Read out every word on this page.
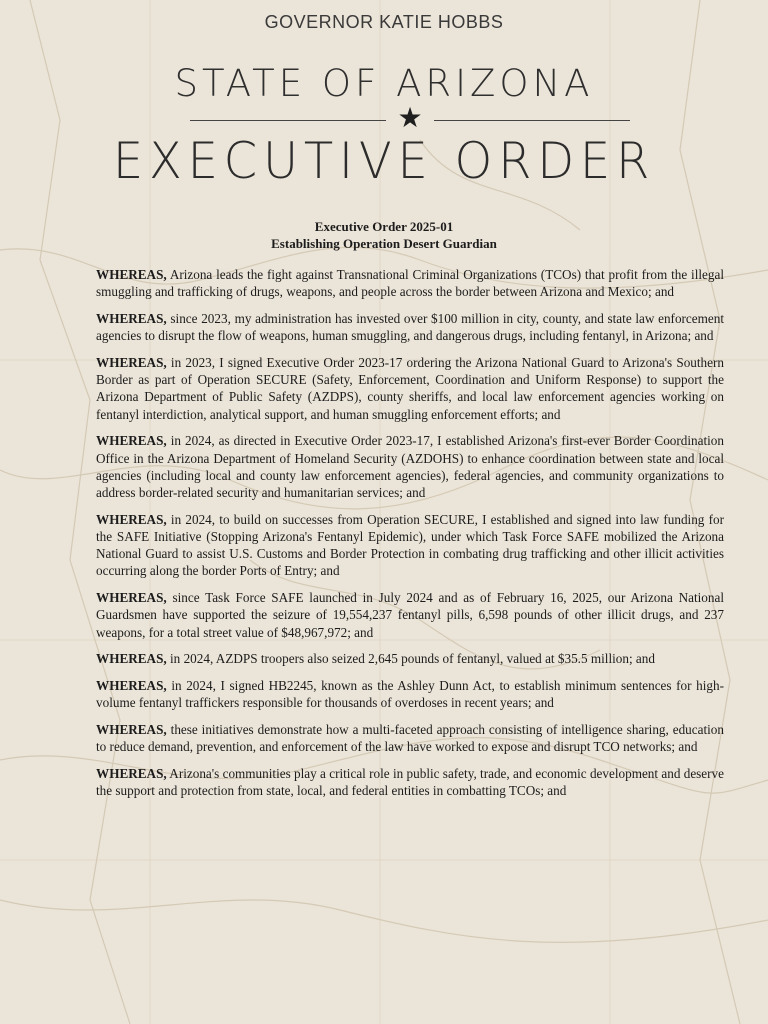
GOVERNOR KATIE HOBBS
STATE OF ARIZONA
★
EXECUTIVE ORDER
Executive Order 2025-01
Establishing Operation Desert Guardian

WHEREAS, Arizona leads the fight against Transnational Criminal Organizations (TCOs) that profit from the illegal smuggling and trafficking of drugs, weapons, and people across the border between Arizona and Mexico; and

WHEREAS, since 2023, my administration has invested over $100 million in city, county, and state law enforcement agencies to disrupt the flow of weapons, human smuggling, and dangerous drugs, including fentanyl, in Arizona; and

WHEREAS, in 2023, I signed Executive Order 2023-17 ordering the Arizona National Guard to Arizona's Southern Border as part of Operation SECURE (Safety, Enforcement, Coordination and Uniform Response) to support the Arizona Department of Public Safety (AZDPS), county sheriffs, and local law enforcement agencies working on fentanyl interdiction, analytical support, and human smuggling enforcement efforts; and

WHEREAS, in 2024, as directed in Executive Order 2023-17, I established Arizona's first-ever Border Coordination Office in the Arizona Department of Homeland Security (AZDOHS) to enhance coordination between state and local agencies (including local and county law enforcement agencies), federal agencies, and community organizations to address border-related security and humanitarian services; and

WHEREAS, in 2024, to build on successes from Operation SECURE, I established and signed into law funding for the SAFE Initiative (Stopping Arizona's Fentanyl Epidemic), under which Task Force SAFE mobilized the Arizona National Guard to assist U.S. Customs and Border Protection in combating drug trafficking and other illicit activities occurring along the border Ports of Entry; and

WHEREAS, since Task Force SAFE launched in July 2024 and as of February 16, 2025, our Arizona National Guardsmen have supported the seizure of 19,554,237 fentanyl pills, 6,598 pounds of other illicit drugs, and 237 weapons, for a total street value of $48,967,972; and

WHEREAS, in 2024, AZDPS troopers also seized 2,645 pounds of fentanyl, valued at $35.5 million; and

WHEREAS, in 2024, I signed HB2245, known as the Ashley Dunn Act, to establish minimum sentences for high-volume fentanyl traffickers responsible for thousands of overdoses in recent years; and

WHEREAS, these initiatives demonstrate how a multi-faceted approach consisting of intelligence sharing, education to reduce demand, prevention, and enforcement of the law have worked to expose and disrupt TCO networks; and

WHEREAS, Arizona's communities play a critical role in public safety, trade, and economic development and deserve the support and protection from state, local, and federal entities in combatting TCOs; and
